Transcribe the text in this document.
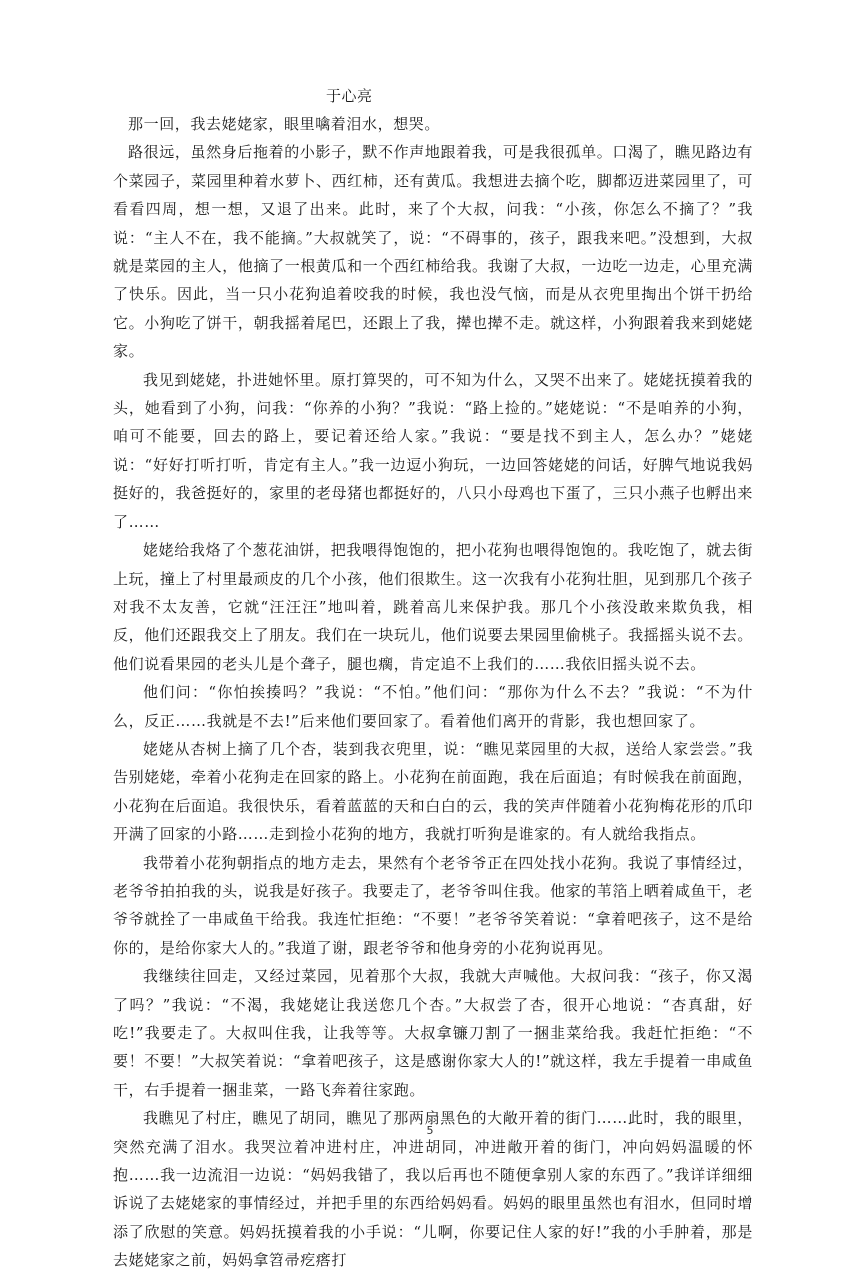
于心亮

那一回，我去姥姥家，眼里噙着泪水，想哭。

路很远，虽然身后拖着的小影子，默不作声地跟着我，可是我很孤单。口渴了，瞧见路边有个菜园子，菜园里种着水萝卜、西红柿，还有黄瓜。我想进去摘个吃，脚都迈进菜园里了，可看看四周，想一想，又退了出来。此时，来了个大叔，问我：“小孩，你怎么不摘了？”我说：“主人不在，我不能摘。”大叔就笑了，说：“不碍事的，孩子，跟我来吧。”没想到，大叔就是菜园的主人，他摘了一根黄瓜和一个西红柿给我。我谢了大叔，一边吃一边走，心里充满了快乐。因此，当一只小花狗追着咬我的时候，我也没气恼，而是从衣兜里掏出个饼干扔给它。小狗吃了饼干，朝我摇着尾巴，还跟上了我，撵也撵不走。就这样，小狗跟着我来到姥姥家。

我见到姥姥，扑进她怀里。原打算哭的，可不知为什么，又哭不出来了。姥姥抚摸着我的头，她看到了小狗，问我：“你养的小狗？”我说：“路上捡的。”姥姥说：“不是咱养的小狗，咱可不能要，回去的路上，要记着还给人家。”我说：“要是找不到主人，怎么办？”姥姥说：“好好打听打听，肯定有主人。”我一边逗小狗玩，一边回答姥姥的问话，好脾气地说我妈挺好的，我爸挺好的，家里的老母猪也都挺好的，八只小母鸡也下蛋了，三只小燕子也孵出来了……

姥姥给我烙了个葱花油饼，把我喂得饱饱的，把小花狗也喂得饱饱的。我吃饱了，就去街上玩，撞上了村里最顽皮的几个小孩，他们很欺生。这一次我有小花狗壮胆，见到那几个孩子对我不太友善，它就“汪汪汪”地叫着，跳着高儿来保护我。那几个小孩没敢来欺负我，相反，他们还跟我交上了朋友。我们在一块玩儿，他们说要去果园里偷桃子。我摇摇头说不去。他们说看果园的老头儿是个聋子，腿也瘸，肯定追不上我们的……我依旧摇头说不去。

他们问：“你怕挨揍吗？”我说：“不怕。”他们问：“那你为什么不去？”我说：“不为什么，反正……我就是不去!”后来他们要回家了。看着他们离开的背影，我也想回家了。

姥姥从杏树上摘了几个杏，装到我衣兜里，说：“瞧见菜园里的大叔，送给人家尝尝。”我告别姥姥，牵着小花狗走在回家的路上。小花狗在前面跑，我在后面追；有时候我在前面跑，小花狗在后面追。我很快乐，看着蓝蓝的天和白白的云，我的笑声伴随着小花狗梅花形的爪印开满了回家的小路……走到捡小花狗的地方，我就打听狗是谁家的。有人就给我指点。

我带着小花狗朝指点的地方走去，果然有个老爷爷正在四处找小花狗。我说了事情经过，老爷爷拍拍我的头，说我是好孩子。我要走了，老爷爷叫住我。他家的苇箔上晒着咸鱼干，老爷爷就拴了一串咸鱼干给我。我连忙拒绝：“不要！”老爷爷笑着说：“拿着吧孩子，这不是给你的，是给你家大人的。”我道了谢，跟老爷爷和他身旁的小花狗说再见。

我继续往回走，又经过菜园，见着那个大叔，我就大声喊他。大叔问我：“孩子，你又渴了吗？”我说：“不渴，我姥姥让我送您几个杏。”大叔尝了杏，很开心地说：“杏真甜，好吃!”我要走了。大叔叫住我，让我等等。大叔拿镰刀割了一捆韭菜给我。我赶忙拒绝：“不要！不要！”大叔笑着说：“拿着吧孩子，这是感谢你家大人的!”就这样，我左手提着一串咸鱼干，右手提着一捆韭菜，一路飞奔着往家跑。

我瞧见了村庄，瞧见了胡同，瞧见了那两扇黑色的大敞开着的街门……此时，我的眼里，突然充满了泪水。我哭泣着冲进村庄，冲进胡同，冲进敞开着的街门，冲向妈妈温暖的怀抱……我一边流泪一边说：“妈妈我错了，我以后再也不随便拿别人家的东西了。”我详详细细诉说了去姥姥家的事情经过，并把手里的东西给妈妈看。妈妈的眼里虽然也有泪水，但同时增添了欣慰的笑意。妈妈抚摸着我的小手说：“儿啊，你要记住人家的好!”我的小手肿着，那是去姥姥家之前，妈妈拿笤帚疙瘩打

5
